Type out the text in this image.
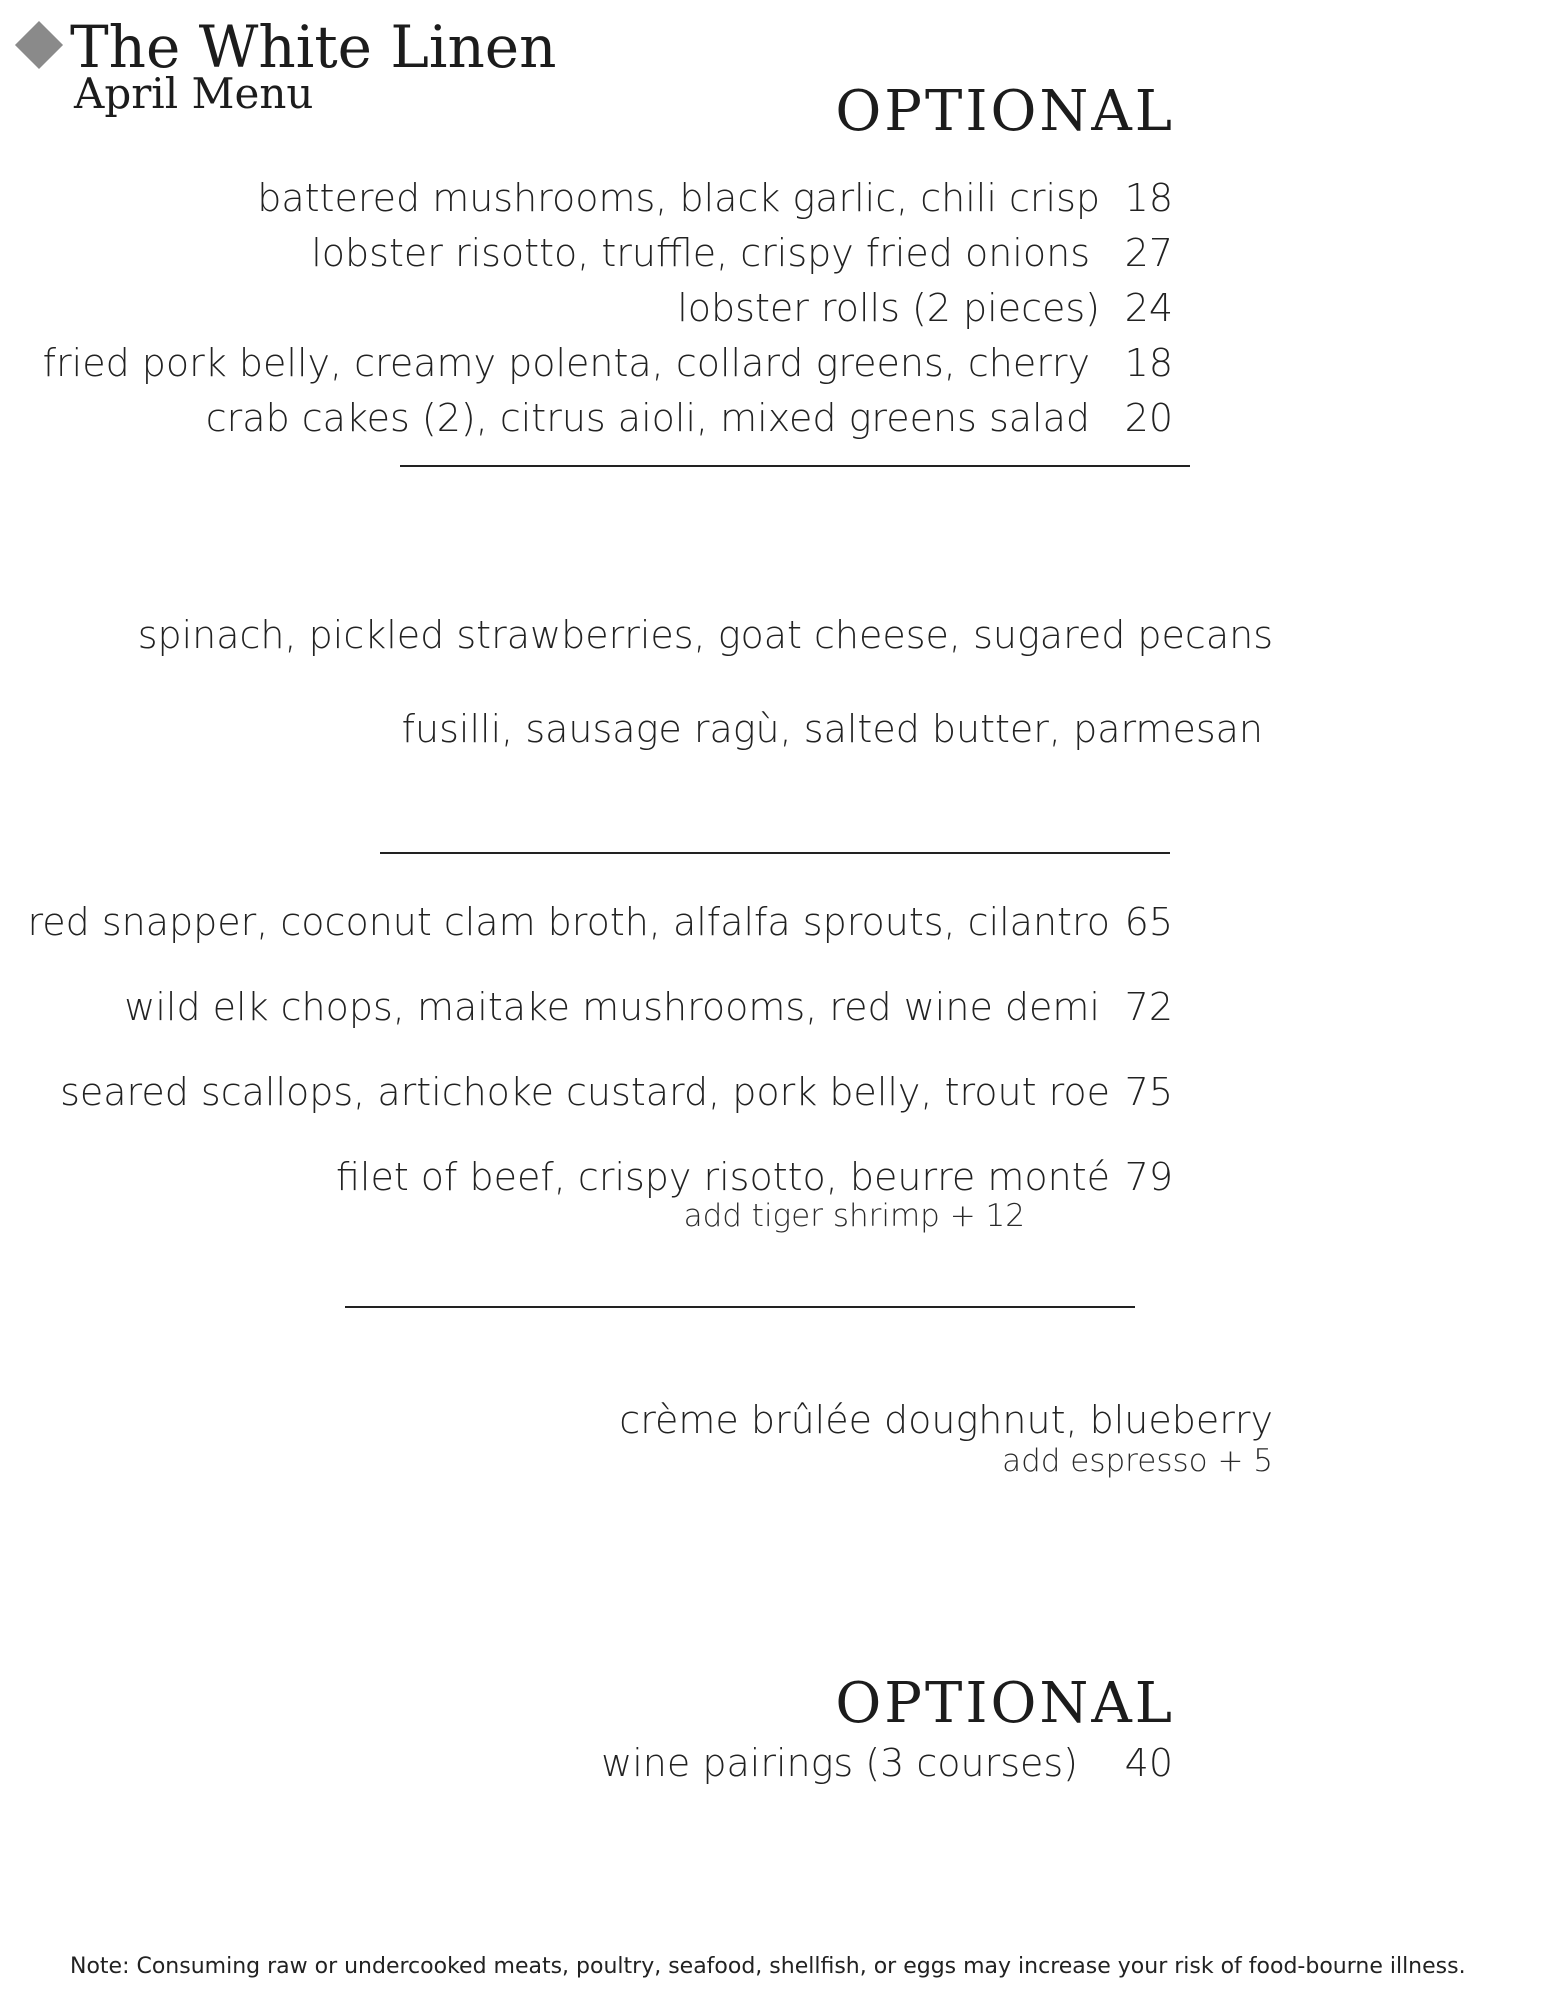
The White Linen
April Menu	OPTIONAL
battered mushrooms, black garlic, chili crisp 18
lobster risotto, truffle, crispy fried onions 27
lobster rolls (2 pieces) 24
fried pork belly, creamy polenta, collard greens, cherry 18
crab cakes (2), citrus aioli, mixed greens salad 20
spinach, pickled strawberries, goat cheese, sugared pecans
fusilli, sausage ragù, salted butter, parmesan
red snapper, coconut clam broth, alfalfa sprouts, cilantro 65
wild elk chops, maitake mushrooms, red wine demi 72
seared scallops, artichoke custard, pork belly, trout roe 75
filet of beef, crispy risotto, beurre monté 79
add tiger shrimp + 12
crème brûlée doughnut, blueberry
add espresso + 5
OPTIONAL
wine pairings (3 courses) 40
Note: Consuming raw or undercooked meats, poultry, seafood, shellfish, or eggs may increase your risk of food-bourne illness.
